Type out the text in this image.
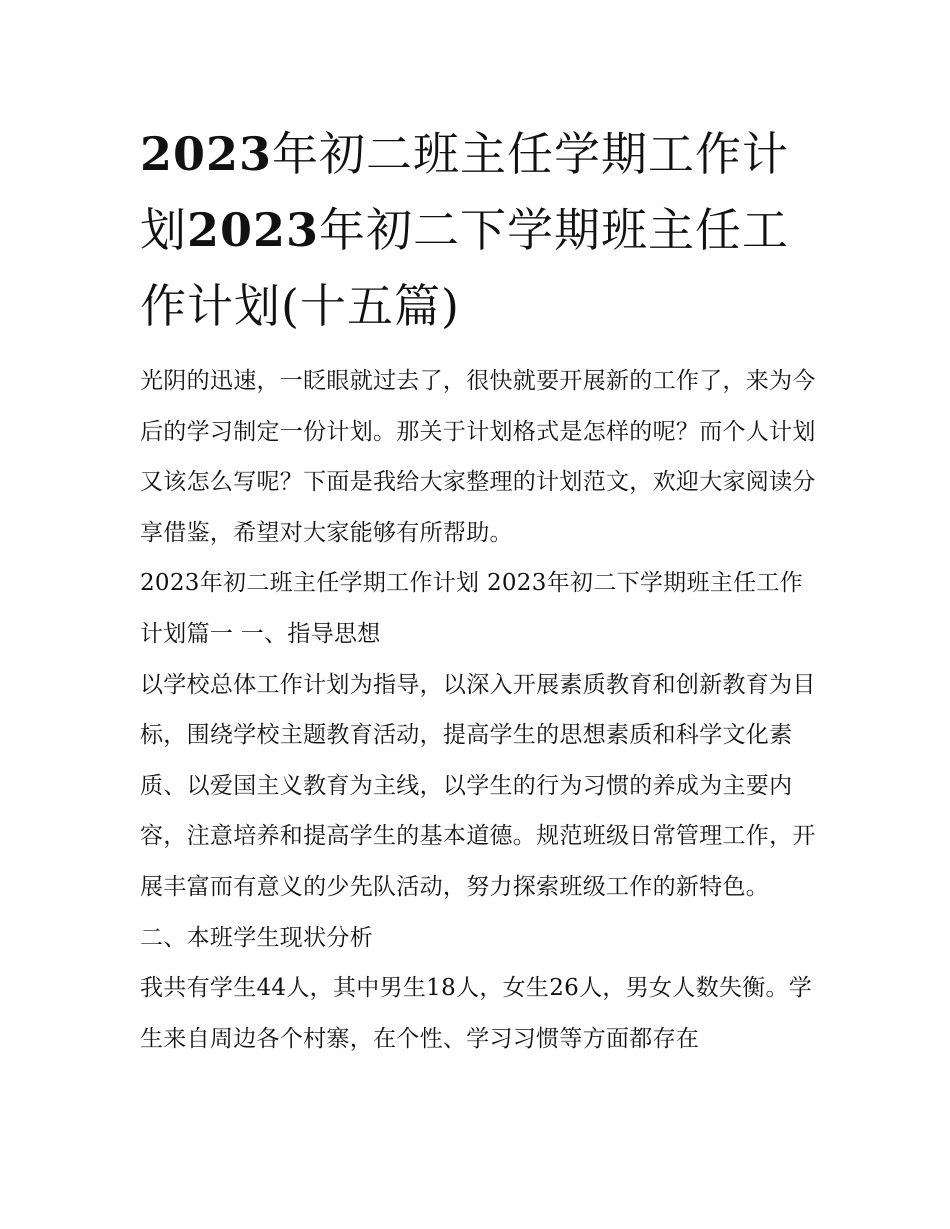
2023年初二班主任学期工作计划2023年初二下学期班主任工作计划(十五篇)

光阴的迅速，一眨眼就过去了，很快就要开展新的工作了，来为今后的学习制定一份计划。那关于计划格式是怎样的呢？而个人计划又该怎么写呢？下面是我给大家整理的计划范文，欢迎大家阅读分享借鉴，希望对大家能够有所帮助。

2023年初二班主任学期工作计划 2023年初二下学期班主任工作计划篇一 一、指导思想

以学校总体工作计划为指导，以深入开展素质教育和创新教育为目标，围绕学校主题教育活动，提高学生的思想素质和科学文化素质、以爱国主义教育为主线，以学生的行为习惯的养成为主要内容，注意培养和提高学生的基本道德。规范班级日常管理工作，开展丰富而有意义的少先队活动，努力探索班级工作的新特色。

二、本班学生现状分析

我共有学生44人，其中男生18人，女生26人，男女人数失衡。学生来自周边各个村寨，在个性、学习习惯等方面都存在
